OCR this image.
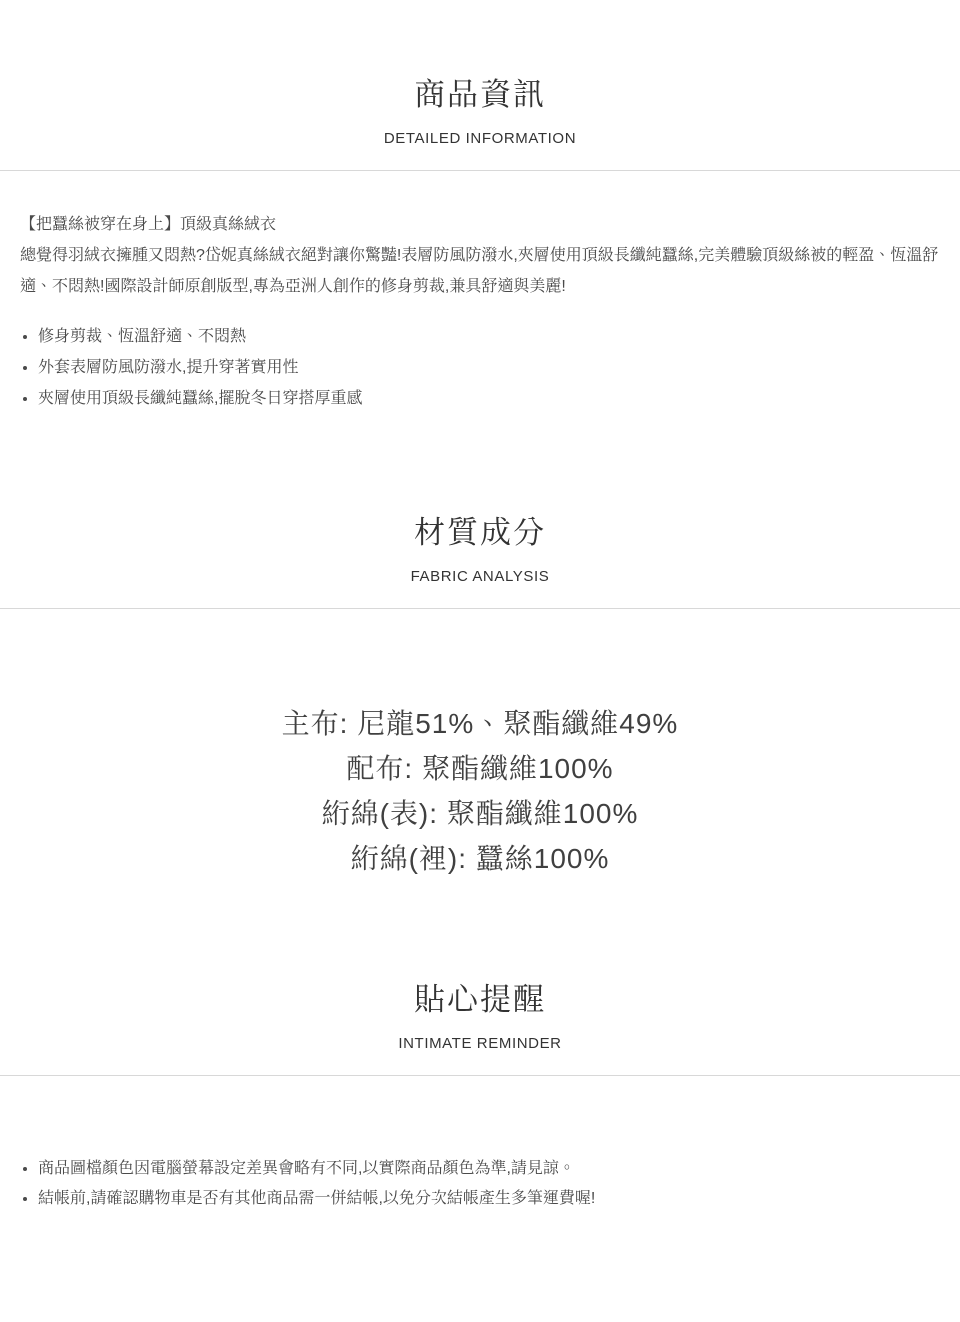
商品資訊
DETAILED INFORMATION
【把蠶絲被穿在身上】頂級真絲絨衣
總覺得羽絨衣擁腫又悶熱?岱妮真絲絨衣絕對讓你驚豔!表層防風防潑水,夾層使用頂級長纖純蠶絲,完美體驗頂級絲被的輕盈、恆溫舒適、不悶熱!國際設計師原創版型,專為亞洲人創作的修身剪裁,兼具舒適與美麗!
• 修身剪裁、恆溫舒適、不悶熱
• 外套表層防風防潑水,提升穿著實用性
• 夾層使用頂級長纖純蠶絲,擺脫冬日穿搭厚重感
材質成分
FABRIC ANALYSIS
主布: 尼龍51%、聚酯纖維49%
配布: 聚酯纖維100%
絎綿(表): 聚酯纖維100%
絎綿(裡): 蠶絲100%
貼心提醒
INTIMATE REMINDER
• 商品圖檔顏色因電腦螢幕設定差異會略有不同,以實際商品顏色為準,請見諒。
• 結帳前,請確認購物車是否有其他商品需一併結帳,以免分次結帳產生多筆運費喔!
